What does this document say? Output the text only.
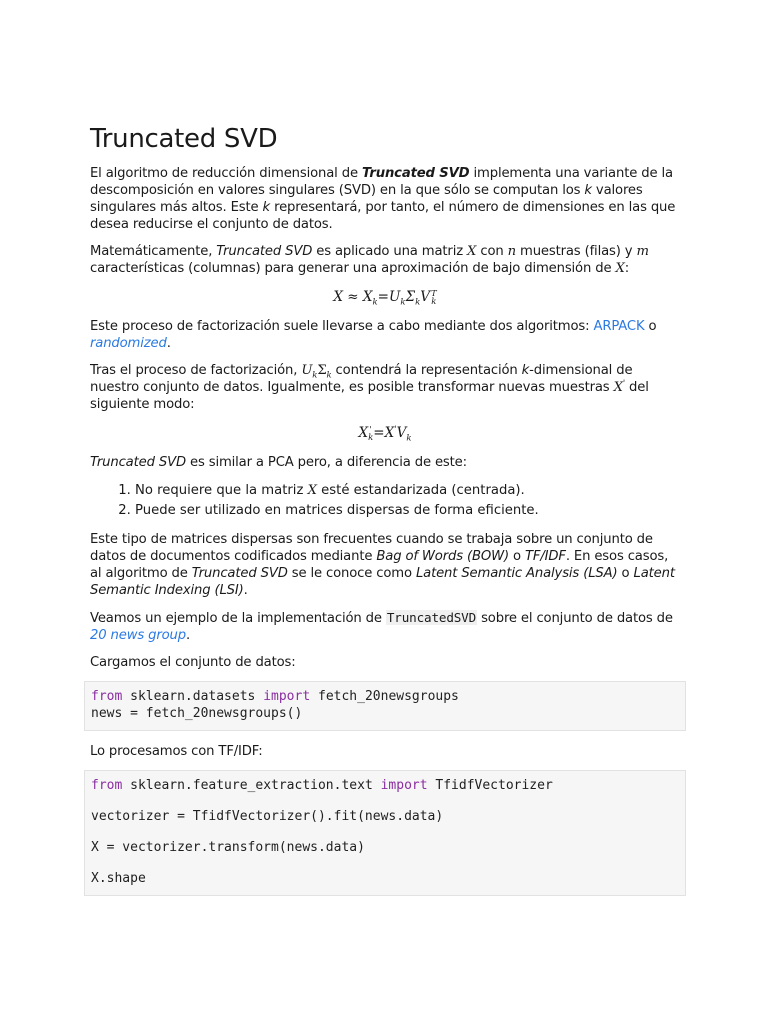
Truncated SVD

El algoritmo de reducción dimensional de Truncated SVD implementa una variante de la descomposición en valores singulares (SVD) en la que sólo se computan los k valores singulares más altos. Este k representará, por tanto, el número de dimensiones en las que desea reducirse el conjunto de datos.

Matemáticamente, Truncated SVD es aplicado una matriz X con n muestras (filas) y m características (columnas) para generar una aproximación de bajo dimensión de X:

$X \approx X_k=U_k\Sigma_kV$ T
k

Este proceso de factorización suele llevarse a cabo mediante dos algoritmos: ARPACK o randomized.

Tras el proceso de factorización, $U_k\Sigma_k$ contendrá la representación k-dimensional de nuestro conjunto de datos. Igualmente, es posible transformar nuevas muestras X' del siguiente modo:

X '
$k =X'V_k$

Truncated SVD es similar a PCA pero, a diferencia de este:

1. No requiere que la matriz X esté estandarizada (centrada).
2. Puede ser utilizado en matrices dispersas de forma eficiente.

Este tipo de matrices dispersas son frecuentes cuando se trabaja sobre un conjunto de datos de documentos codificados mediante Bag of Words (BOW) o TF/IDF. En esos casos, al algoritmo de Truncated SVD se le conoce como Latent Semantic Analysis (LSA) o Latent Semantic Indexing (LSI).

Veamos un ejemplo de la implementación de TruncatedSVD sobre el conjunto de datos de 20 news group.

Cargamos el conjunto de datos:

from sklearn.datasets import fetch_20newsgroups
news = fetch_20newsgroups()

Lo procesamos con TF/IDF:

from sklearn.feature_extraction.text import TfidfVectorizer
vectorizer = TfidfVectorizer().fit(news.data)
X = vectorizer.transform(news.data)
X.shape
